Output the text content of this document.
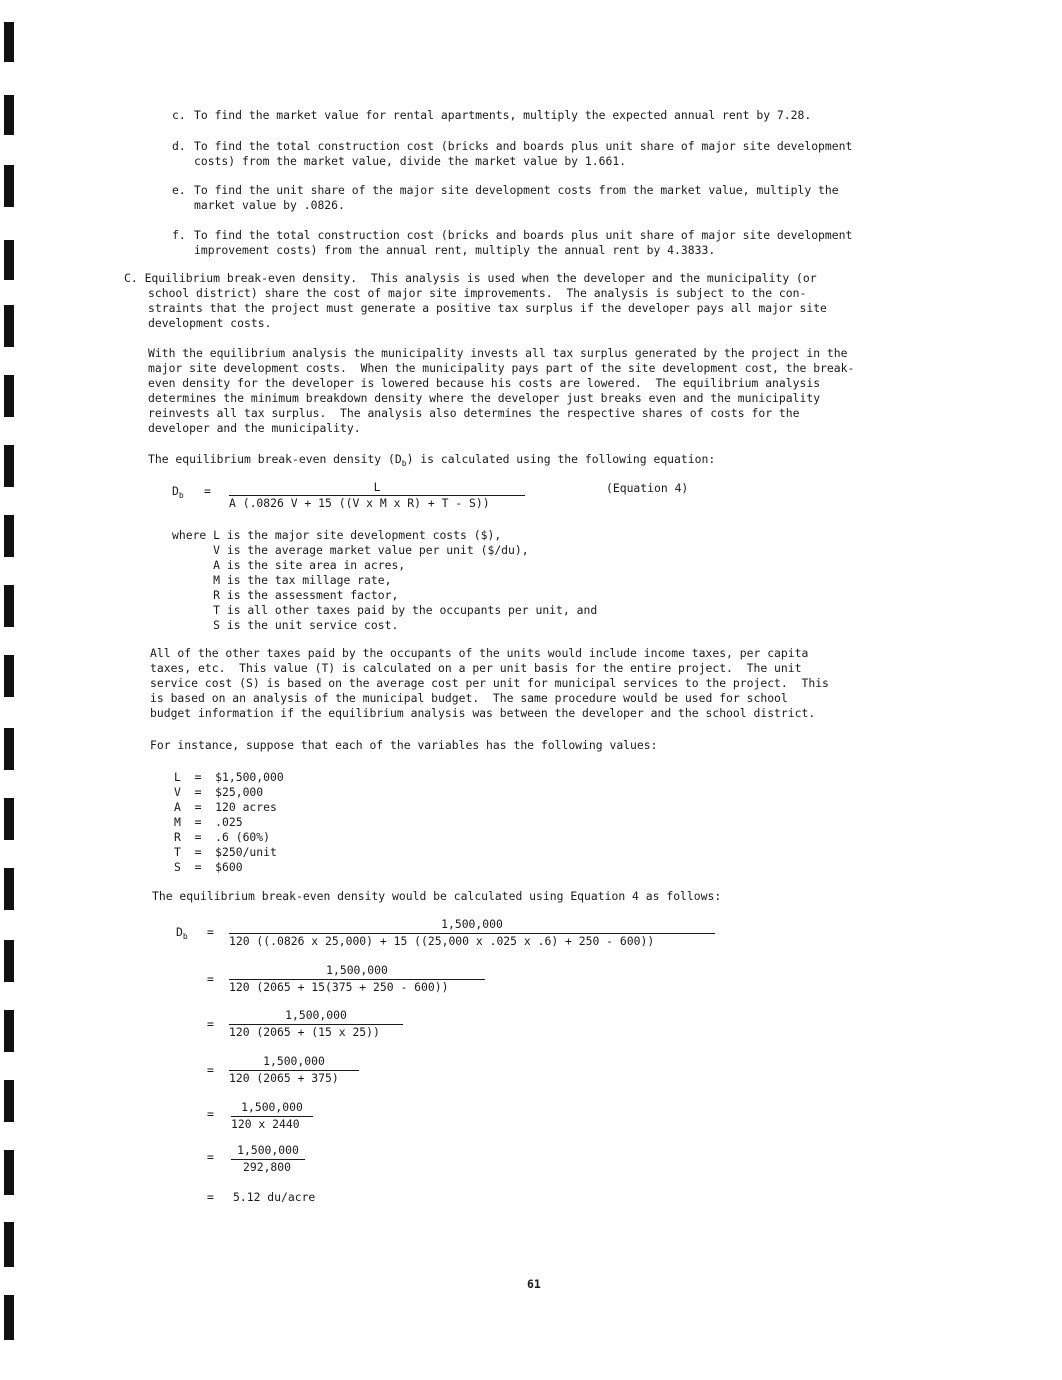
c. To find the market value for rental apartments, multiply the expected annual rent by 7.28.
d. To find the total construction cost (bricks and boards plus unit share of major site development
costs) from the market value, divide the market value by 1.661.
e. To find the unit share of the major site development costs from the market value, multiply the
market value by .0826.
f. To find the total construction cost (bricks and boards plus unit share of major site development
improvement costs) from the annual rent, multiply the annual rent by 4.3833.
C. Equilibrium break-even density.  This analysis is used when the developer and the municipality (or
school district) share the cost of major site improvements.  The analysis is subject to the con-
straints that the project must generate a positive tax surplus if the developer pays all major site
development costs.
With the equilibrium analysis the municipality invests all tax surplus generated by the project in the
major site development costs.  When the municipality pays part of the site development cost, the break-
even density for the developer is lowered because his costs are lowered.  The equilibrium analysis
determines the minimum breakdown density where the developer just breaks even and the municipality
reinvests all tax surplus.  The analysis also determines the respective shares of costs for the
developer and the municipality.
The equilibrium break-even density $(D_b)$ is calculated using the following equation:
$D_b$ =	L
A (.0826 V + 15 ((V x M x R) + T - S))
(Equation 4)
where L is the major site development costs ($),
V is the average market value per unit ($/du),
A is the site area in acres,
M is the tax millage rate,
R is the assessment factor,
T is all other taxes paid by the occupants per unit, and
S is the unit service cost.
All of the other taxes paid by the occupants of the units would include income taxes, per capita
taxes, etc.  This value (T) is calculated on a per unit basis for the entire project.  The unit
service cost (S) is based on the average cost per unit for municipal services to the project.  This
is based on an analysis of the municipal budget.  The same procedure would be used for school
budget information if the equilibrium analysis was between the developer and the school district.
For instance, suppose that each of the variables has the following values:
L  =  $1,500,000
V  =  $25,000
A  =  120 acres
M  =  .025
R  =  .6 (60%)
T  =  $250/unit
S  =  $600
The equilibrium break-even density would be calculated using Equation 4 as follows:
$D_b$ =
1,500,000
120 ((.0826 x 25,000) + 15 ((25,000 x .025 x .6) + 250 - 600))
=
1,500,000
120 (2065 + 15(375 + 250 - 600))
=
1,500,000
120 (2065 + (15 x 25))
=
1,500,000
120 (2065 + 375)
=	1,500,000
120 x 2440
=	1,500,000
292,800
= 5.12 du/acre
61
